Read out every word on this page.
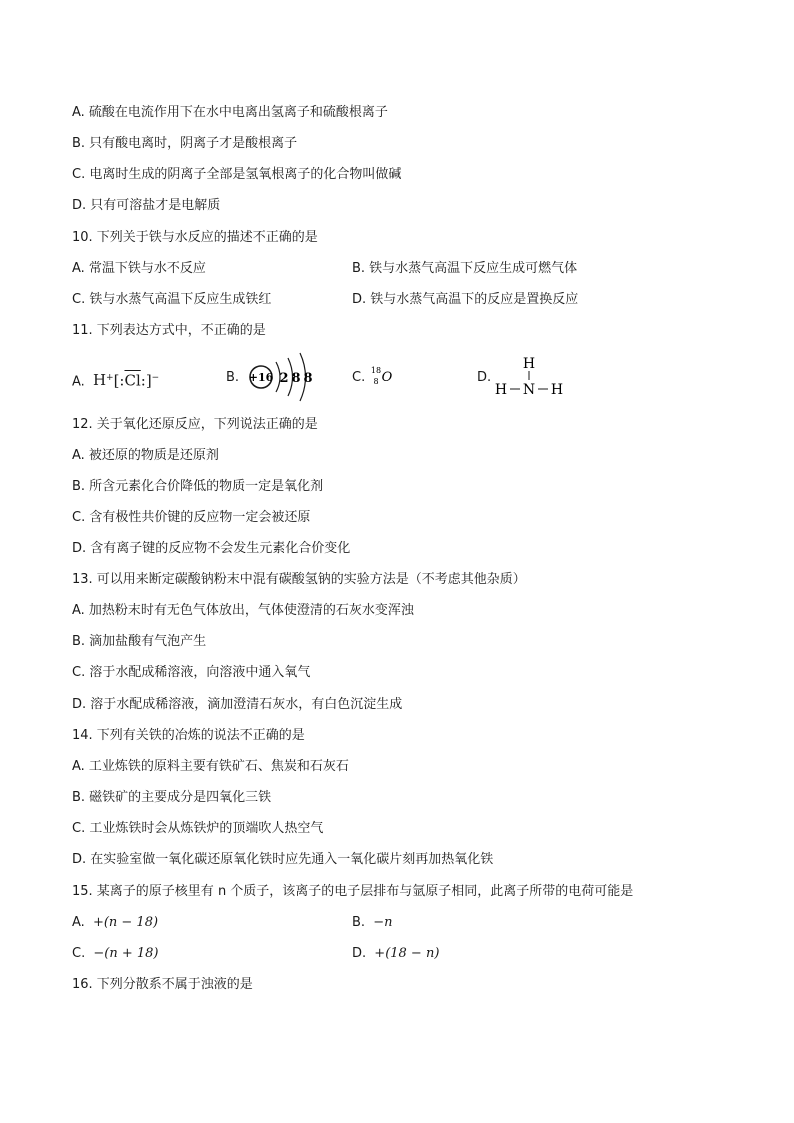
A. 硫酸在电流作用下在水中电离出氢离子和硫酸根离子
B. 只有酸电离时，阴离子才是酸根离子
C. 电离时生成的阴离子全部是氢氧根离子的化合物叫做碱
D. 只有可溶盐才是电解质
10. 下列关于铁与水反应的描述不正确的是
A. 常温下铁与水不反应	B. 铁与水蒸气高温下反应生成可燃气体
C. 铁与水蒸气高温下反应生成铁红	D. 铁与水蒸气高温下的反应是置换反应
11. 下列表达方式中，不正确的是
A. $H^+[:\overline{Cl}:]^-$	B. +16 2 8 8	C. 18
8 O	D.
H
H N H
12. 关于氧化还原反应，下列说法正确的是
A. 被还原的物质是还原剂
B. 所含元素化合价降低的物质一定是氧化剂
C. 含有极性共价键的反应物一定会被还原
D. 含有离子键的反应物不会发生元素化合价变化
13. 可以用来断定碳酸钠粉末中混有碳酸氢钠的实验方法是（不考虑其他杂质）
A. 加热粉末时有无色气体放出，气体使澄清的石灰水变浑浊
B. 滴加盐酸有气泡产生
C. 溶于水配成稀溶液，向溶液中通入氧气
D. 溶于水配成稀溶液，滴加澄清石灰水，有白色沉淀生成
14. 下列有关铁的冶炼的说法不正确的是
A. 工业炼铁的原料主要有铁矿石、焦炭和石灰石
B. 磁铁矿的主要成分是四氧化三铁
C. 工业炼铁时会从炼铁炉的顶端吹人热空气
D. 在实验室做一氧化碳还原氧化铁时应先通入一氧化碳片刻再加热氧化铁
15. 某离子的原子核里有 n 个质子，该离子的电子层排布与氩原子相同，此离子所带的电荷可能是
A. +(n − 18)	B. −n
C. −(n + 18)	D. +(18 − n)
16. 下列分散系不属于浊液的是
